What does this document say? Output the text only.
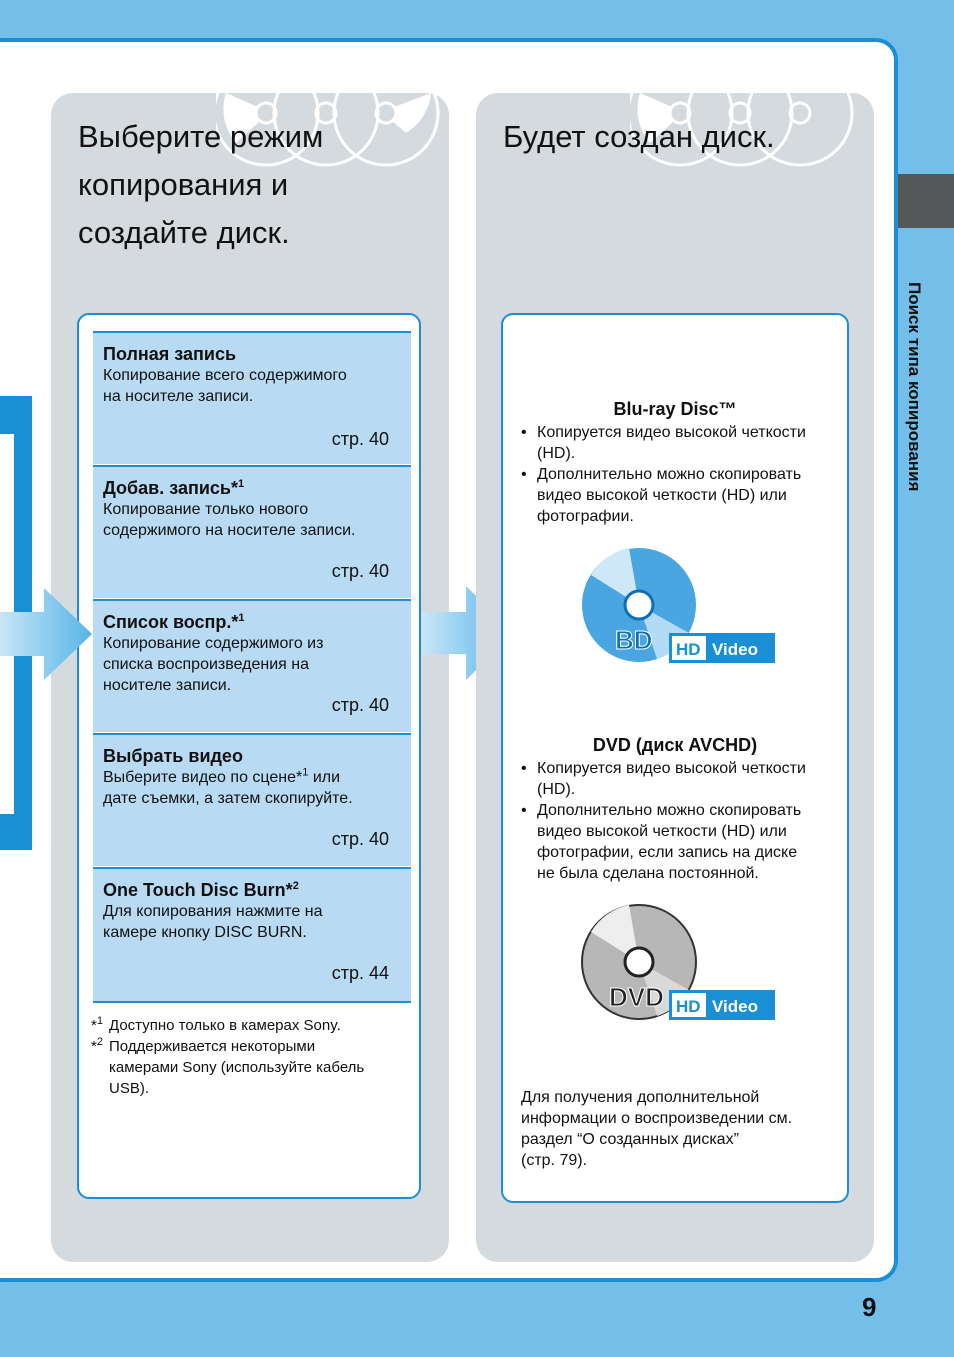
Поиск типа копирования
Выберите режим
копирования и
создайте диск.
Полная запись
Копирование всего содержимого
на носителе записи.
стр. 40
Добав. запись*$^1$
Копирование только нового
содержимого на носителе записи.
стр. 40
Список воспр.*$^1$
Копирование содержимого из
списка воспроизведения на
носителе записи.
стр. 40
Выбрать видео
Выберите видео по сцене*$^1$ или
дате съемки, а затем скопируйте.
стр. 40
One Touch Disc Burn*$^2$
Для копирования нажмите на
камере кнопку DISC BURN.
стр. 44
*$^1$ Доступно только в камерах Sony.
*$^2$ Поддерживается некоторыми
камерами Sony (используйте кабель
USB).
Будет создан диск.
Blu-ray Disc™
• Копируется видео высокой четкости
(HD).
• Дополнительно можно скопировать
видео высокой четкости (HD) или
фотографии.
BD HD Video
DVD (диск AVCHD)
• Копируется видео высокой четкости
(HD).
• Дополнительно можно скопировать
видео высокой четкости (HD) или
фотографии, если запись на диске
не была сделана постоянной.
DVD HD Video
Для получения дополнительной
информации о воспроизведении см.
раздел “О созданных дисках”
(стр. 79).
9
